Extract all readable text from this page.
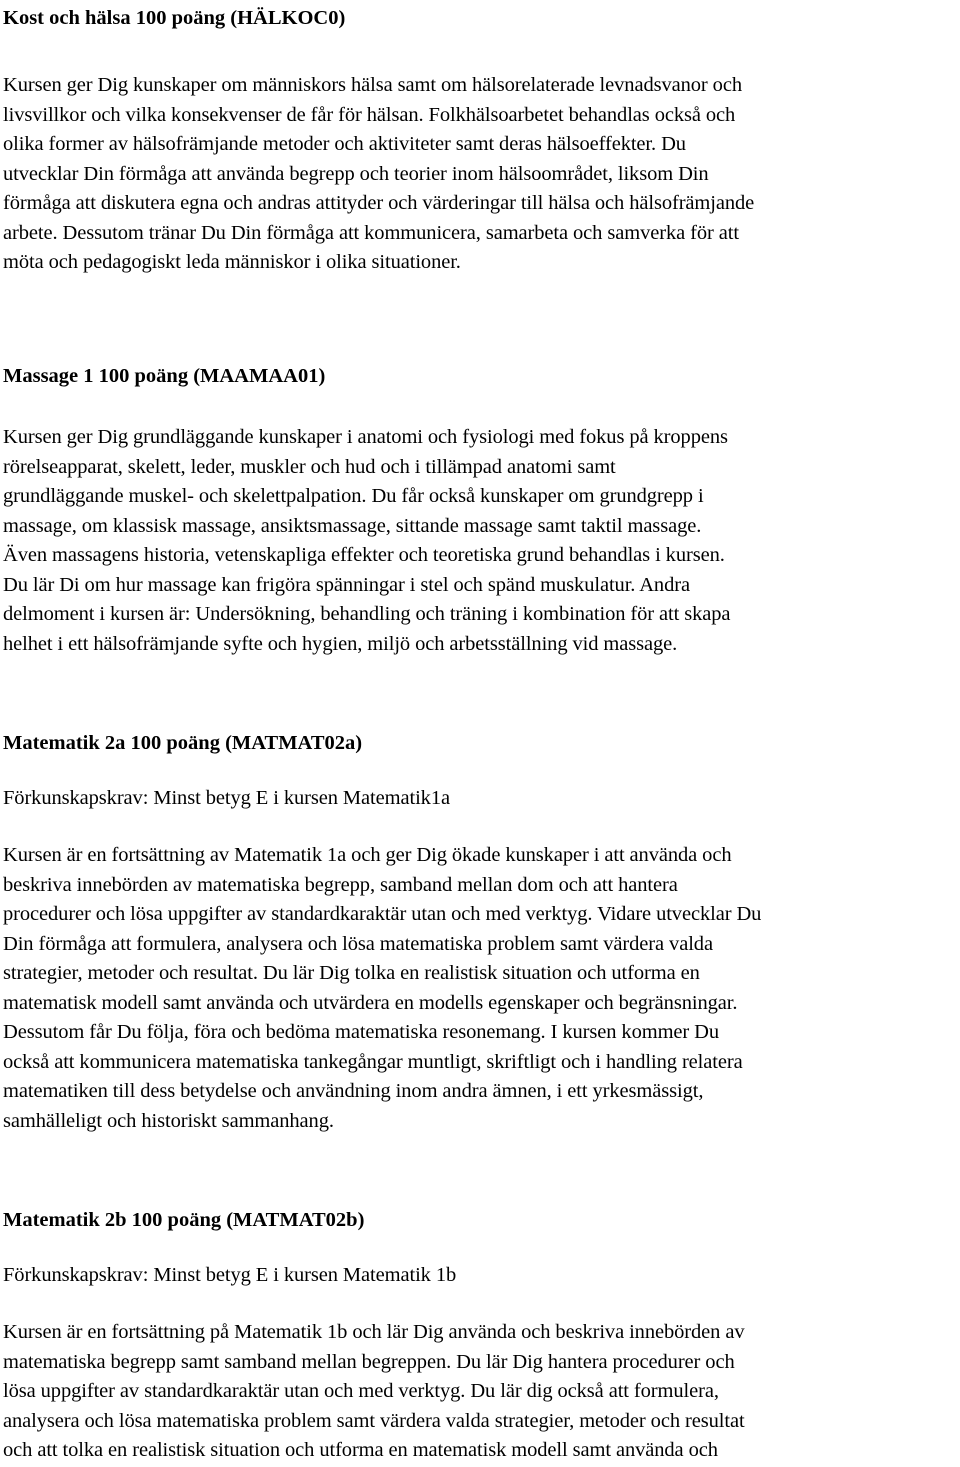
Kost och hälsa 100 poäng (HÄLKOC0)
Kursen ger Dig kunskaper om människors hälsa samt om hälsorelaterade levnadsvanor och
livsvillkor och vilka konsekvenser de får för hälsan. Folkhälsoarbetet behandlas också och
olika former av hälsofrämjande metoder och aktiviteter samt deras hälsoeffekter. Du
utvecklar Din förmåga att använda begrepp och teorier inom hälsoområdet, liksom Din
förmåga att diskutera egna och andras attityder och värderingar till hälsa och hälsofrämjande
arbete. Dessutom tränar Du Din förmåga att kommunicera, samarbeta och samverka för att
möta och pedagogiskt leda människor i olika situationer.
Massage 1 100 poäng (MAAMAA01)
Kursen ger Dig grundläggande kunskaper i anatomi och fysiologi med fokus på kroppens
rörelseapparat, skelett, leder, muskler och hud och i tillämpad anatomi samt
grundläggande muskel- och skelettpalpation. Du får också kunskaper om grundgrepp i
massage, om klassisk massage, ansiktsmassage, sittande massage samt taktil massage.
Även massagens historia, vetenskapliga effekter och teoretiska grund behandlas i kursen.
Du lär Di om hur massage kan frigöra spänningar i stel och spänd muskulatur. Andra
delmoment i kursen är: Undersökning, behandling och träning i kombination för att skapa
helhet i ett hälsofrämjande syfte och hygien, miljö och arbetsställning vid massage.
Matematik 2a 100 poäng (MATMAT02a)

Förkunskapskrav: Minst betyg E i kursen Matematik1a

Kursen är en fortsättning av Matematik 1a och ger Dig ökade kunskaper i att använda och
beskriva innebörden av matematiska begrepp, samband mellan dom och att hantera
procedurer och lösa uppgifter av standardkaraktär utan och med verktyg. Vidare utvecklar Du
Din förmåga att formulera, analysera och lösa matematiska problem samt värdera valda
strategier, metoder och resultat. Du lär Dig tolka en realistisk situation och utforma en
matematisk modell samt använda och utvärdera en modells egenskaper och begränsningar.
Dessutom får Du följa, föra och bedöma matematiska resonemang. I kursen kommer Du
också att kommunicera matematiska tankegångar muntligt, skriftligt och i handling relatera
matematiken till dess betydelse och användning inom andra ämnen, i ett yrkesmässigt,
samhälleligt och historiskt sammanhang.
Matematik 2b 100 poäng (MATMAT02b)

Förkunskapskrav: Minst betyg E i kursen Matematik 1b

Kursen är en fortsättning på Matematik 1b och lär Dig använda och beskriva innebörden av
matematiska begrepp samt samband mellan begreppen. Du lär Dig hantera procedurer och
lösa uppgifter av standardkaraktär utan och med verktyg. Du lär dig också att formulera,
analysera och lösa matematiska problem samt värdera valda strategier, metoder och resultat
och att tolka en realistisk situation och utforma en matematisk modell samt använda och
